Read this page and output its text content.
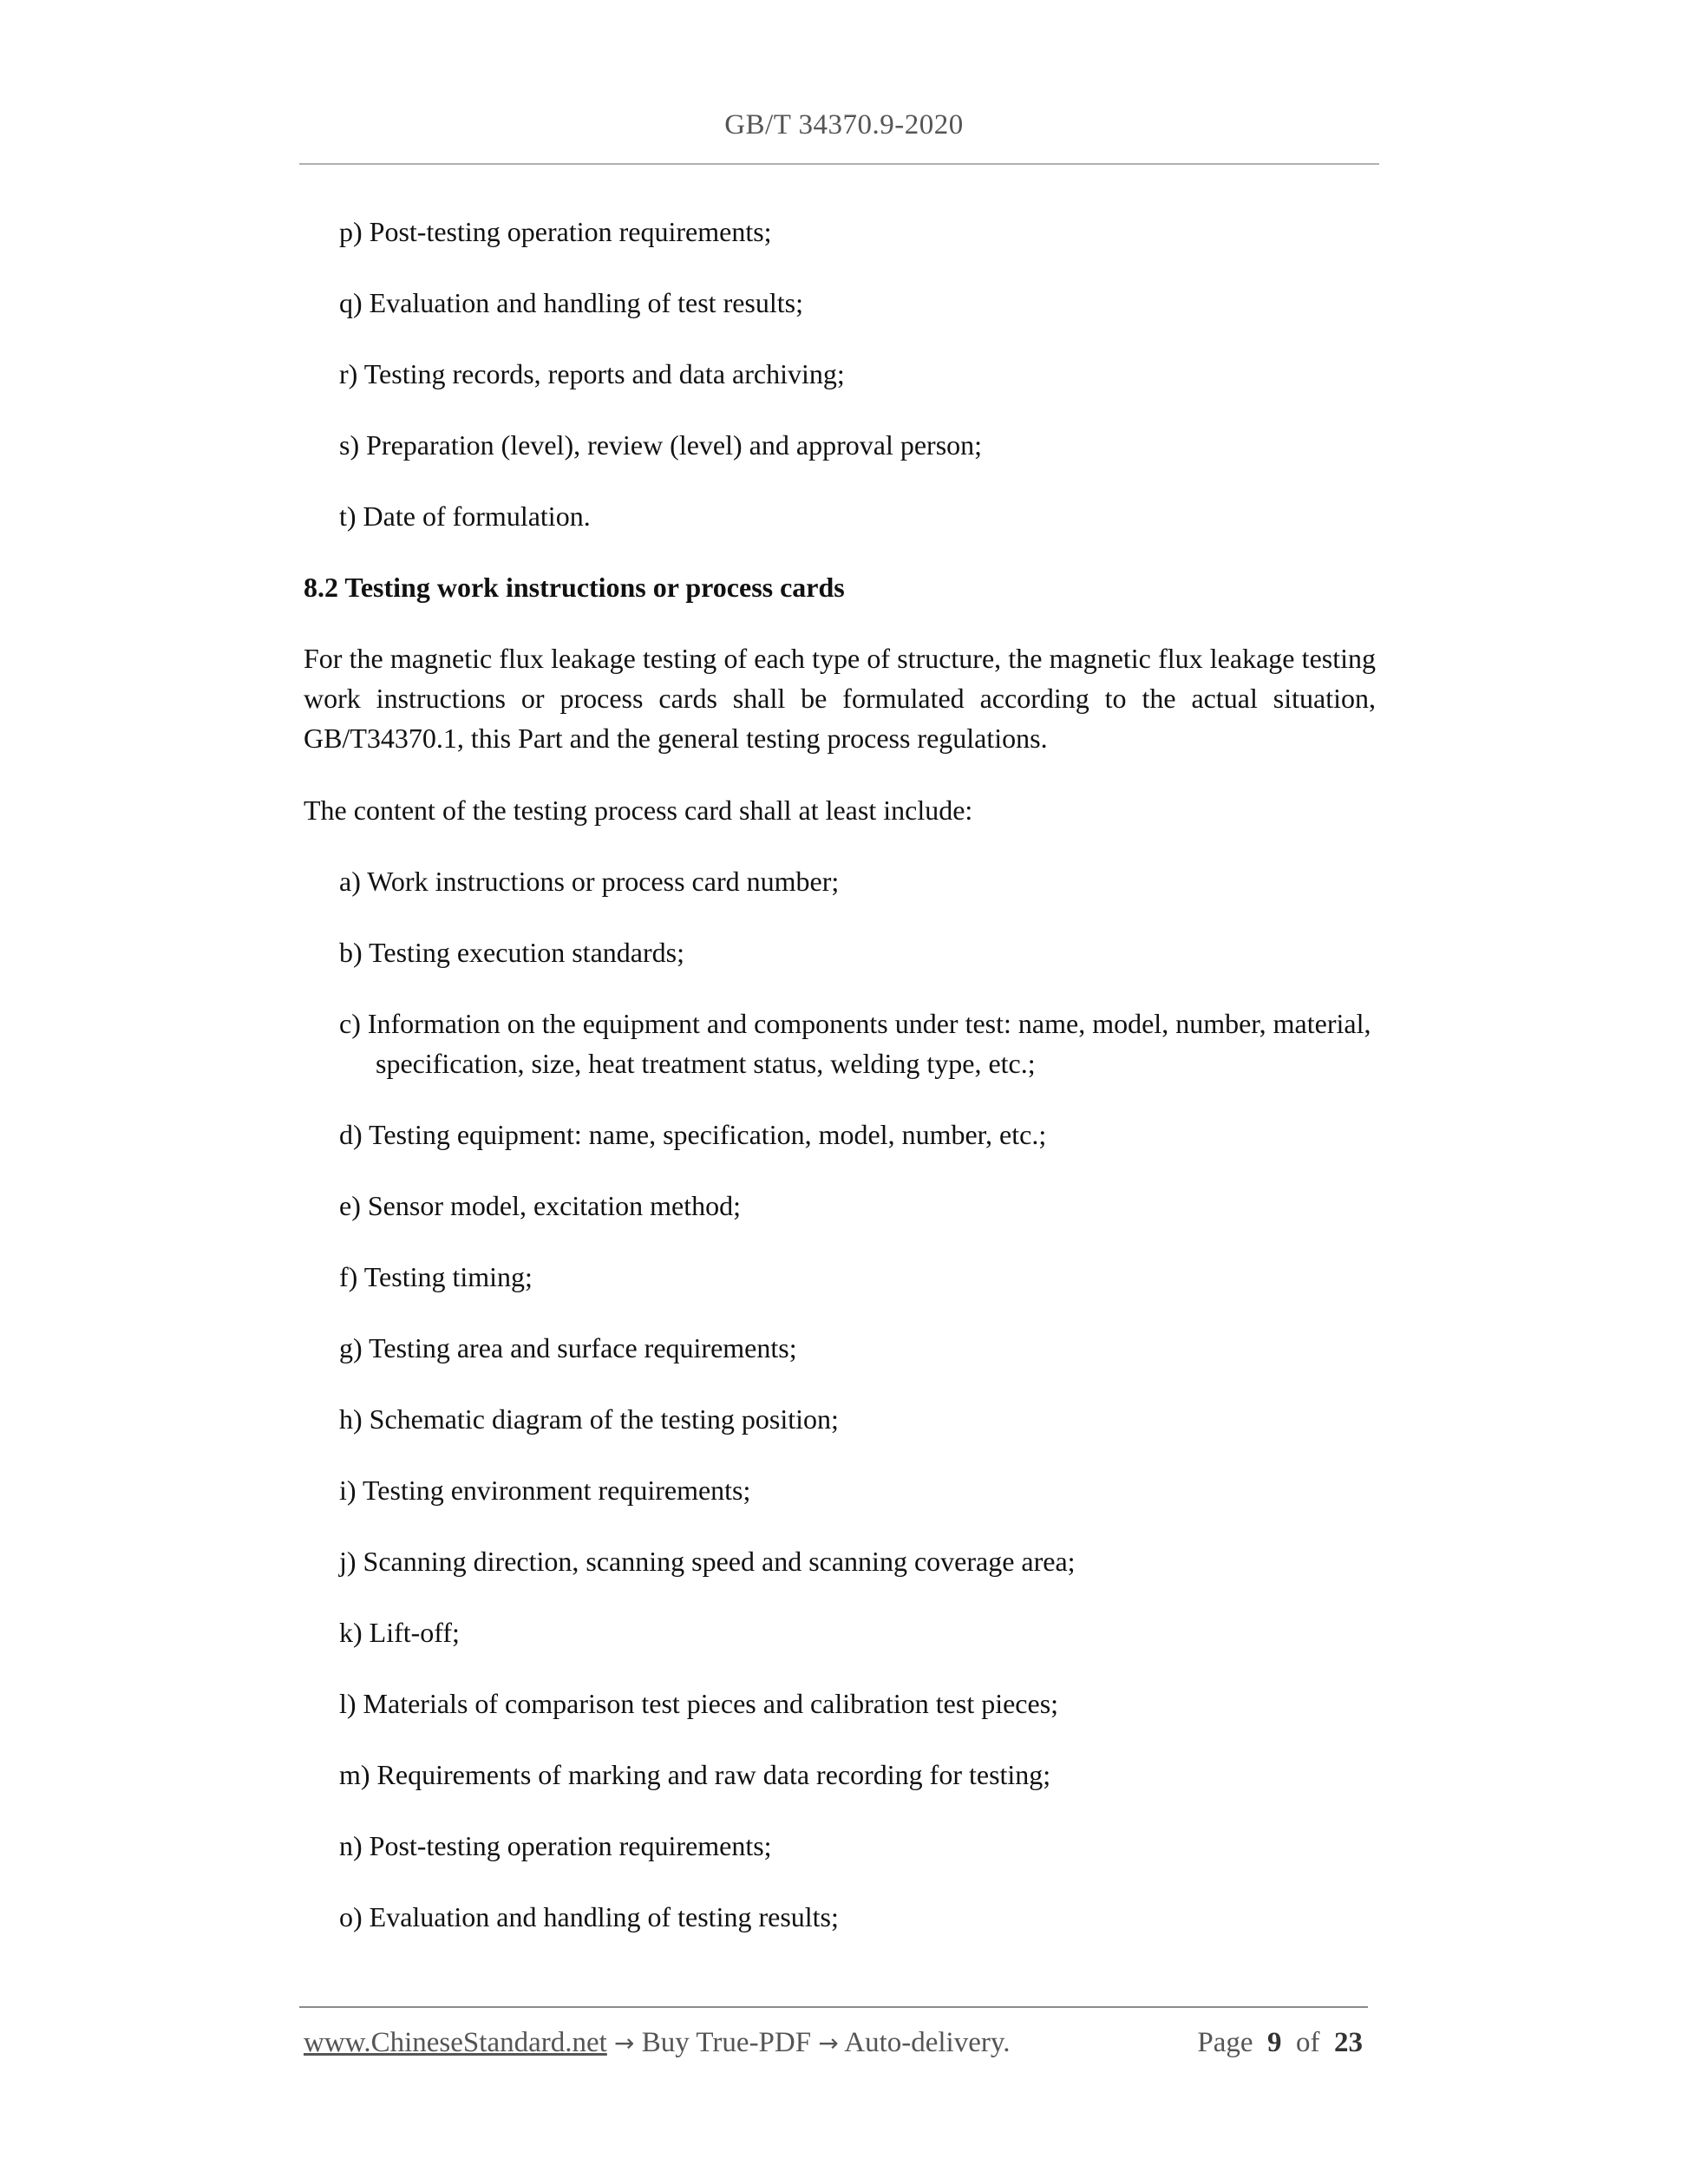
GB/T 34370.9-2020
p) Post-testing operation requirements;
q) Evaluation and handling of test results;
r) Testing records, reports and data archiving;
s) Preparation (level), review (level) and approval person;
t) Date of formulation.
8.2 Testing work instructions or process cards
For the magnetic flux leakage testing of each type of structure, the magnetic flux leakage testing work instructions or process cards shall be formulated according to the actual situation, GB/T34370.1, this Part and the general testing process regulations.
The content of the testing process card shall at least include:
a) Work instructions or process card number;
b) Testing execution standards;
c) Information on the equipment and components under test: name, model, number, material,
specification, size, heat treatment status, welding type, etc.;
d) Testing equipment: name, specification, model, number, etc.;
e) Sensor model, excitation method;
f) Testing timing;
g) Testing area and surface requirements;
h) Schematic diagram of the testing position;
i) Testing environment requirements;
j) Scanning direction, scanning speed and scanning coverage area;
k) Lift-off;
l) Materials of comparison test pieces and calibration test pieces;
m) Requirements of marking and raw data recording for testing;
n) Post-testing operation requirements;
o) Evaluation and handling of testing results;
www.ChineseStandard.net → Buy True-PDF → Auto-delivery.	Page 9 of 23
